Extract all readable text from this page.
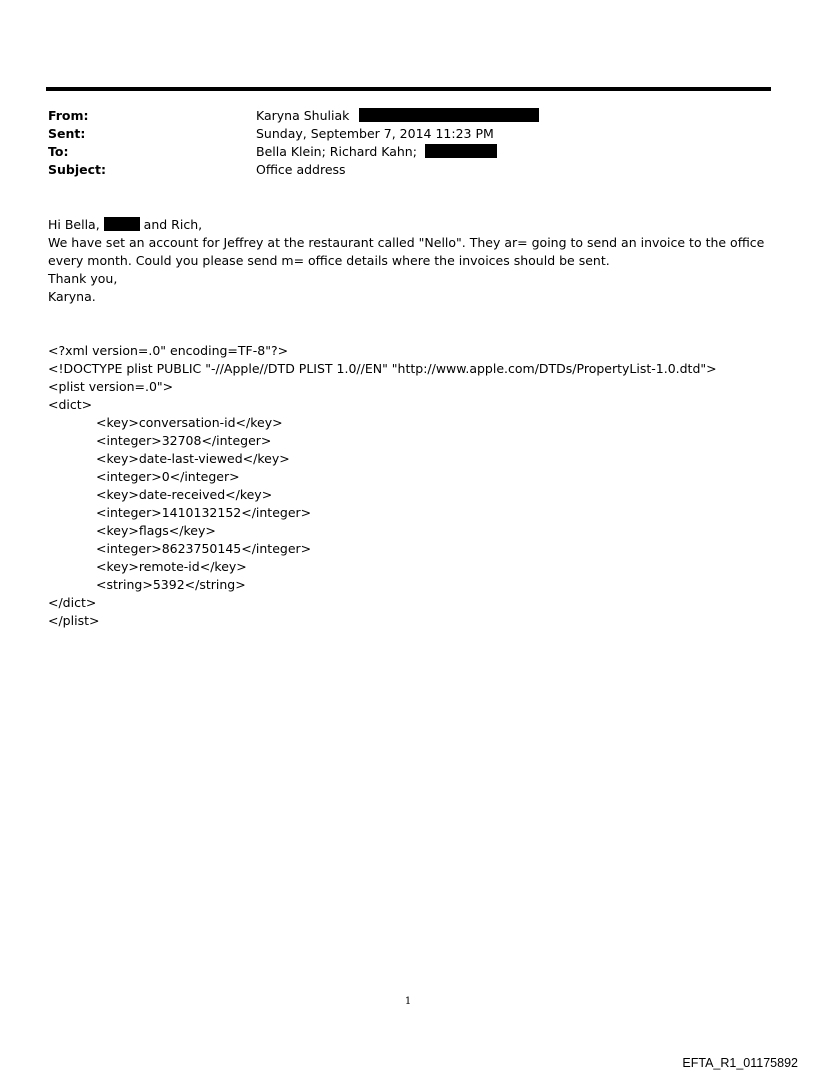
From:	Karyna Shuliak
Sent:	Sunday, September 7, 2014 11:23 PM
To:	Bella Klein; Richard Kahn;
Subject:	Office address

Hi Bella,	and Rich,

We have set an account for Jeffrey at the restaurant called "Nello". They ar= going to send an invoice to the office every month. Could you please send m= office details where the invoices should be sent.

Thank you,

Karyna.

<?xml version=.0" encoding=TF-8"?>
<!DOCTYPE plist PUBLIC "-//Apple//DTD PLIST 1.0//EN" "http://www.apple.com/DTDs/PropertyList-1.0.dtd">
<plist version=.0">
<dict>
<key>conversation-id</key>
<integer>32708</integer>
<key>date-last-viewed</key>
<integer>0</integer>
<key>date-received</key>
<integer>1410132152</integer>
<key>flags</key>
<integer>8623750145</integer>
<key>remote-id</key>
<string>5392</string>
</dict>
</plist>
1
EFTA_R1_01175892
